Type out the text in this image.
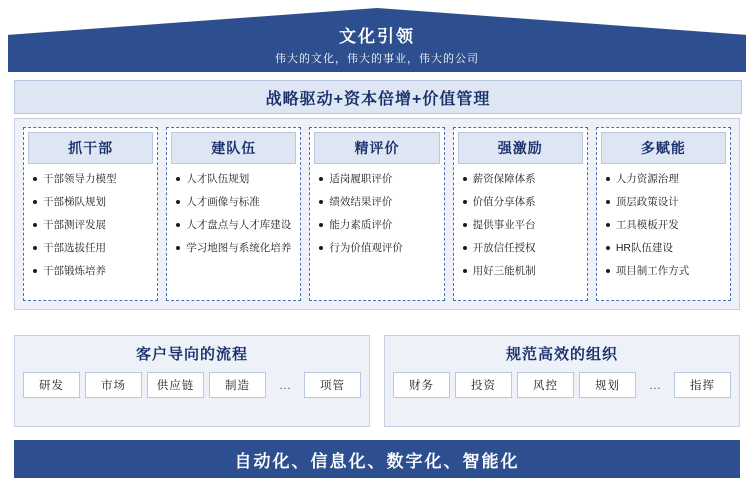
文化引领
伟大的文化，伟大的事业，伟大的公司
战略驱动+资本倍增+价值管理
抓干部
干部领导力模型
干部梯队规划
干部测评发展
干部选拔任用
干部锻炼培养
建队伍
人才队伍规划
人才画像与标准
人才盘点与人才库建设
学习地图与系统化培养
精评价
适岗履职评价
绩效结果评价
能力素质评价
行为价值观评价
强激励
薪资保障体系
价值分享体系
提供事业平台
开放信任授权
用好三能机制
多赋能
人力资源治理
顶层政策设计
工具模板开发
HR队伍建设
项目制工作方式
客户导向的流程
研发	市场	供应链	制造	…	项管
规范高效的组织
财务	投资	风控	规划	…	指挥
自动化、信息化、数字化、智能化
